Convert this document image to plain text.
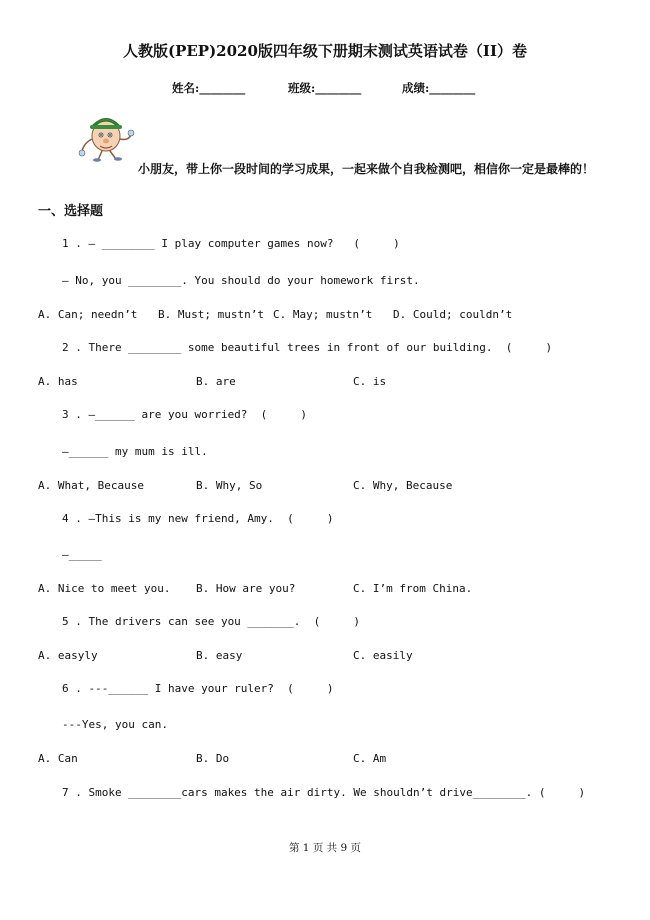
人教版(PEP)2020版四年级下册期末测试英语试卷（II）卷
姓名:________	班级:________	成绩:________
小朋友，带上你一段时间的学习成果，一起来做个自我检测吧，相信你一定是最棒的！
一、选择题
1 . — ________ I play computer games now?   (     )
— No, you ________. You should do your homework first.
A. Can; needn’t B. Must; mustn’t C. May; mustn’t D. Could; couldn’t
2 . There ________ some beautiful trees in front of our building.  (     )
A. has	B. are	C. is
3 . —______ are you worried?  (     )
—______ my mum is ill.
A. What, Because	B. Why, So	C. Why, Because
4 . —This is my new friend, Amy.  (     )
—_____
A. Nice to meet you. B. How are you?	C. I’m from China.
5 . The drivers can see you _______.  (     )
A. easyly	B. easy	C. easily
6 . ---______ I have your ruler?  (     )
---Yes, you can.
A. Can	B. Do	C. Am
7 . Smoke ________cars makes the air dirty. We shouldn’t drive________. (     )
第 1 页 共 9 页
